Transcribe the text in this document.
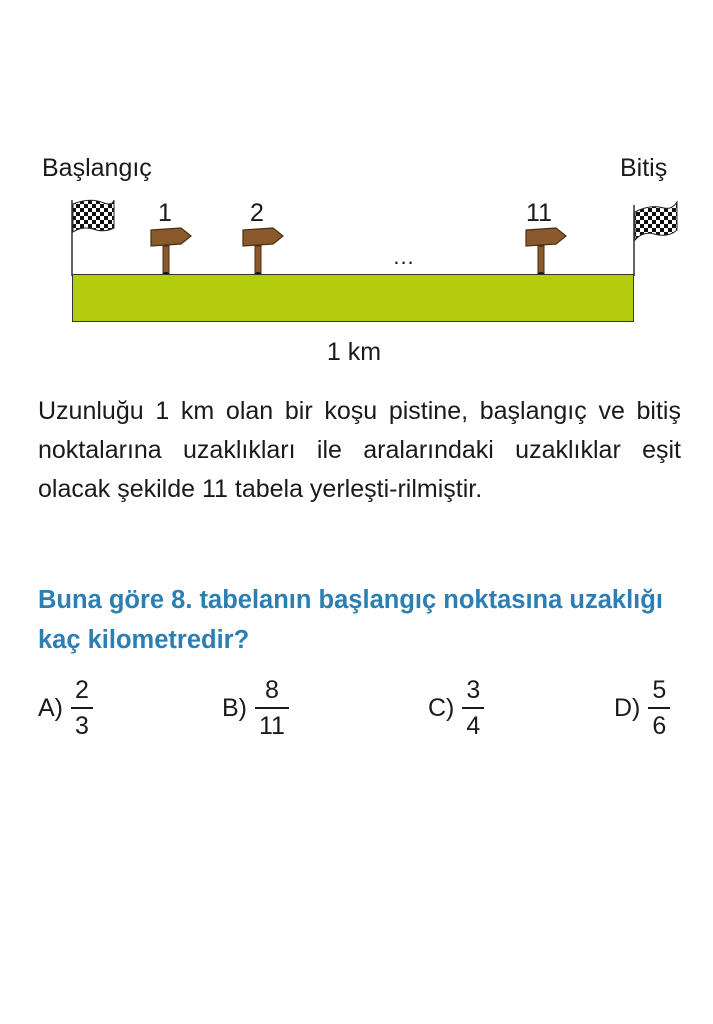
Başlangıç	Bitiş
1	2	11
...
1 km
Uzunluğu 1 km olan bir koşu pistine, başlangıç ve bitiş noktalarına uzaklıkları ile aralarındaki uzaklıklar eşit olacak şekilde 11 tabela yerleşti-rilmiştir.
Buna göre 8. tabelanın başlangıç noktasına uzaklığı kaç kilometredir?
$A) \frac{2}{3}$	$B) \frac{8}{11}$	$C) \frac{3}{4}$	$D) \frac{5}{6}$
